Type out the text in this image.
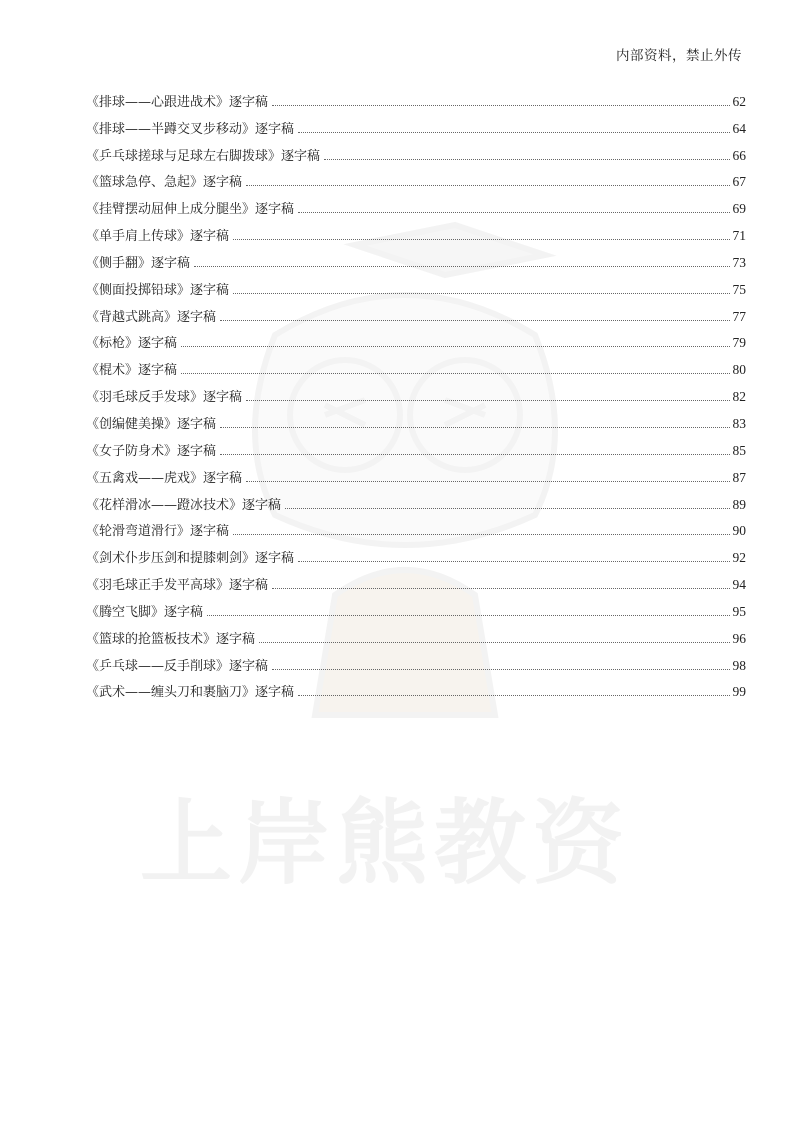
上岸熊教资
内部资料，禁止外传
《排球——心跟进战术》逐字稿	62
《排球——半蹲交叉步移动》逐字稿	64
《乒乓球搓球与足球左右脚拨球》逐字稿	66
《篮球急停、急起》逐字稿	67
《挂臂摆动屈伸上成分腿坐》逐字稿	69
《单手肩上传球》逐字稿	71
《侧手翻》逐字稿	73
《侧面投掷铅球》逐字稿	75
《背越式跳高》逐字稿	77
《标枪》逐字稿	79
《棍术》逐字稿	80
《羽毛球反手发球》逐字稿	82
《创编健美操》逐字稿	83
《女子防身术》逐字稿	85
《五禽戏——虎戏》逐字稿	87
《花样滑冰——蹬冰技术》逐字稿	89
《轮滑弯道滑行》逐字稿	90
《剑术仆步压剑和提膝刺剑》逐字稿	92
《羽毛球正手发平高球》逐字稿	94
《腾空飞脚》逐字稿	95
《篮球的抢篮板技术》逐字稿	96
《乒乓球——反手削球》逐字稿	98
《武术——缠头刀和裹脑刀》逐字稿	99
